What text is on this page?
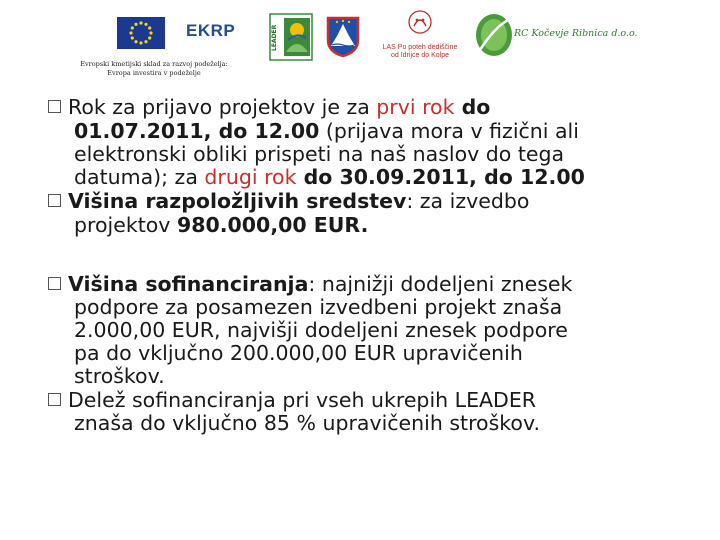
Evropski kmetijski sklad za razvoj podeželja:
Evropa investira v podeželje
EKRP	LEADER	LAS Po poteh dediščine
od Idrijce do Kolpe
RC Kočevje Ribnica d.o.o.
Rok za prijavo projektov je za prvi rok do
01.07.2011, do 12.00 (prijava mora v fizični ali
elektronski obliki prispeti na naš naslov do tega
datuma); za drugi rok do 30.09.2011, do 12.00
Višina razpoložljivih sredstev: za izvedbo
projektov 980.000,00 EUR.
Višina sofinanciranja: najnižji dodeljeni znesek
podpore za posamezen izvedbeni projekt znaša
2.000,00 EUR, najvišji dodeljeni znesek podpore
pa do vključno 200.000,00 EUR upravičenih
stroškov.
Delež sofinanciranja pri vseh ukrepih LEADER
znaša do vključno 85 % upravičenih stroškov.
